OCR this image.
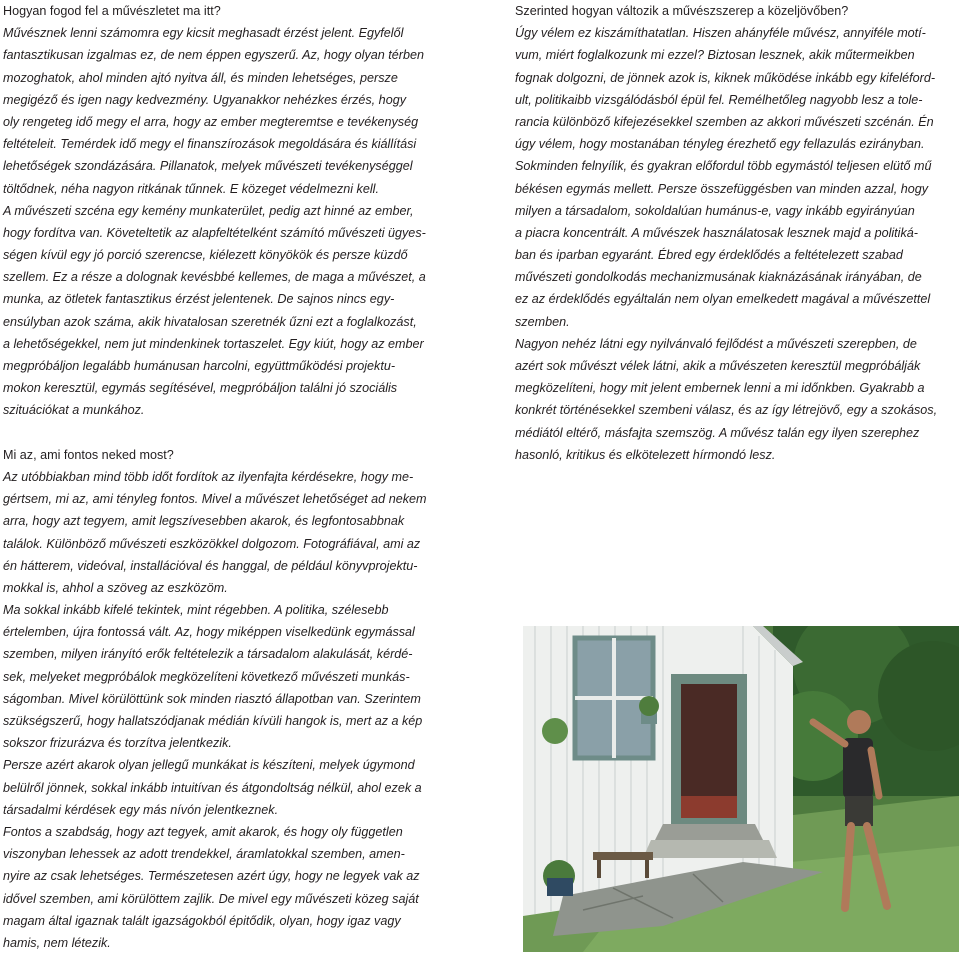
Hogyan fogod fel a művészletet ma itt?
Művésznek lenni számomra egy kicsit meghasadt érzést jelent. Egyfelől
fantasztikusan izgalmas ez, de nem éppen egyszerű. Az, hogy olyan térben
mozoghatok, ahol minden ajtó nyitva áll, és minden lehetséges, persze
megigéző és igen nagy kedvezmény. Ugyanakkor nehézkes érzés, hogy
oly rengeteg idő megy el arra, hogy az ember megteremtse e tevékenység
feltételeit. Temérdek idő megy el finanszírozások megoldására és kiállítási
lehetőségek szondázására. Pillanatok, melyek művészeti tevékenységgel
töltődnek, néha nagyon ritkának tűnnek. E közeget védelmezni kell.
A művészeti szcéna egy kemény munkaterület, pedig azt hinné az ember,
hogy fordítva van. Követeltetik az alapfeltételként számító művészeti ügyes-
ségen kívül egy jó porció szerencse, kiélezett könyökök és persze küzdő
szellem. Ez a része a dolognak kevésbbé kellemes, de maga a művészet, a
munka, az ötletek fantasztikus érzést jelentenek. De sajnos nincs egy-
ensúlyban azok száma, akik hivatalosan szeretnék űzni ezt a foglalkozást,
a lehetőségekkel, nem jut mindenkinek tortaszelet. Egy kiút, hogy az ember
megpróbáljon legalább humánusan harcolni, együttműködési projektu-
mokon keresztül, egymás segítésével, megpróbáljon találni jó szociális
szituációkat a munkához.
Mi az, ami fontos neked most?
Az utóbbiakban mind több időt fordítok az ilyenfajta kérdésekre, hogy me-
gértsem, mi az, ami tényleg fontos. Mivel a művészet lehetőséget ad nekem
arra, hogy azt tegyem, amit legszívesebben akarok, és legfontosabbnak
találok. Különböző művészeti eszközökkel dolgozom. Fotográfiával, ami az
én hátterem, videóval, installációval és hanggal, de például könyvprojektu-
mokkal is, ahhol a szöveg az eszközöm.
Ma sokkal inkább kifelé tekintek, mint régebben. A politika, szélesebb
értelemben, újra fontossá vált. Az, hogy miképpen viselkedünk egymással
szemben, milyen irányító erők feltételezik a társadalom alakulását, kérdé-
sek, melyeket megpróbálok megközelíteni következő művészeti munkás-
ságomban. Mivel körülöttünk sok minden riasztó állapotban van. Szerintem
szükségszerű, hogy hallatszódjanak médián kívüli hangok is, mert az a kép
sokszor frizurázva és torzítva jelentkezik.
Persze azért akarok olyan jellegű munkákat is készíteni, melyek úgymond
belülről jönnek, sokkal inkább intuitívan és átgondoltság nélkül, ahol ezek a
társadalmi kérdések egy más nívón jelentkeznek.
Fontos a szabdság, hogy azt tegyek, amit akarok, és hogy oly független
viszonyban lehessek az adott trendekkel, áramlatokkal szemben, amen-
nyire az csak lehetséges. Természetesen azért úgy, hogy ne legyek vak az
idővel szemben, ami körülöttem zajlik. De mivel egy művészeti közeg saját
magam által igaznak talált igazságokból épitődik, olyan, hogy igaz vagy
hamis, nem létezik.
Szerinted hogyan változik a művészszerep a közeljövőben?
Úgy vélem ez kiszámíthatatlan. Hiszen ahányféle művész, annyiféle motí-
vum, miért foglalkozunk mi ezzel? Biztosan lesznek, akik műtermeikben
fognak dolgozni, de jönnek azok is, kiknek működése inkább egy kifeléford-
ult, politikaibb vizsgálódásból épül fel. Remélhetőleg nagyobb lesz a tole-
rancia különböző kifejezésekkel szemben az akkori művészeti szcénán. Én
úgy vélem, hogy mostanában tényleg érezhető egy fellazulás ezirányban.
Sokminden felnyílik, és gyakran előfordul több egymástól teljesen elütő mű
békésen egymás mellett. Persze összefüggésben van minden azzal, hogy
milyen a társadalom, sokoldalúan humánus-e, vagy inkább egyirányúan
a piacra koncentrált. A művészek használatosak lesznek majd a politiká-
ban és iparban egyaránt. Ébred egy érdeklődés a feltételezett szabad
művészeti gondolkodás mechanizmusának kiaknázásának irányában, de
ez az érdeklődés egyáltalán nem olyan emelkedett magával a művészettel
szemben.
Nagyon nehéz látni egy nyilvánvaló fejlődést a művészeti szerepben, de
azért sok művészt vélek látni, akik a művészeten keresztül megpróbálják
megközelíteni, hogy mit jelent embernek lenni a mi időnkben. Gyakrabb a
konkrét történésekkel szembeni válasz, és az így létrejövő, egy a szokásos,
médiától eltérő, másfajta szemszög. A művész talán egy ilyen szerephez
hasonló, kritikus és elkötelezett hírmondó lesz.
